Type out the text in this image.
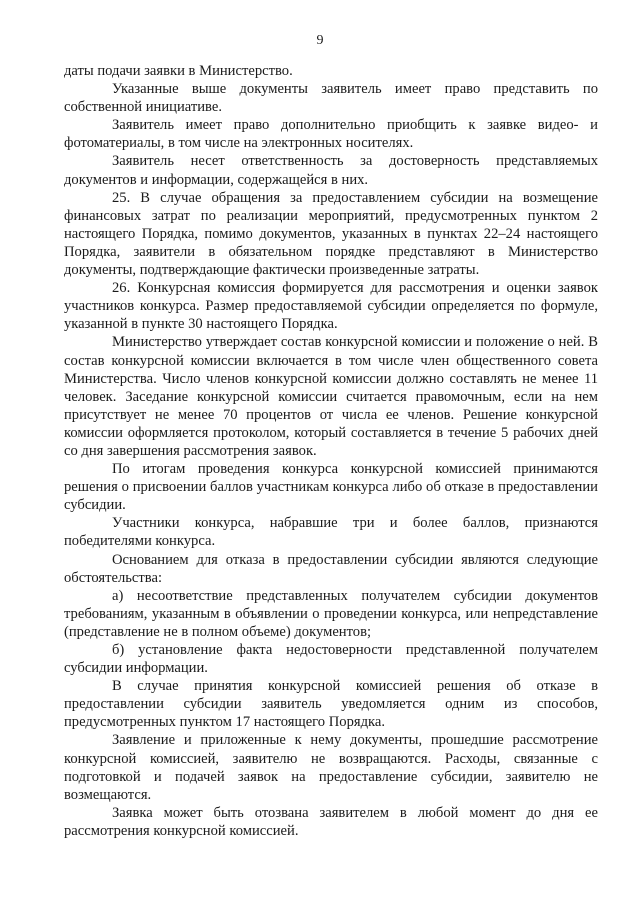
9

даты подачи заявки в Министерство.

Указанные выше документы заявитель имеет право представить по собственной инициативе.

Заявитель имеет право дополнительно приобщить к заявке видео- и фотоматериалы, в том числе на электронных носителях.

Заявитель несет ответственность за достоверность представляемых документов и информации, содержащейся в них.

25. В случае обращения за предоставлением субсидии на возмещение финансовых затрат по реализации мероприятий, предусмотренных пунктом 2 настоящего Порядка, помимо документов, указанных в пунктах 22–24 настоящего Порядка, заявители в обязательном порядке представляют в Министерство документы, подтверждающие фактически произведенные затраты.

26. Конкурсная комиссия формируется для рассмотрения и оценки заявок участников конкурса. Размер предоставляемой субсидии определяется по формуле, указанной в пункте 30 настоящего Порядка.

Министерство утверждает состав конкурсной комиссии и положение о ней. В состав конкурсной комиссии включается в том числе член общественного совета Министерства. Число членов конкурсной комиссии должно составлять не менее 11 человек. Заседание конкурсной комиссии считается правомочным, если на нем присутствует не менее 70 процентов от числа ее членов. Решение конкурсной комиссии оформляется протоколом, который составляется в течение 5 рабочих дней со дня завершения рассмотрения заявок.

По итогам проведения конкурса конкурсной комиссией принимаются решения о присвоении баллов участникам конкурса либо об отказе в предоставлении субсидии.

Участники конкурса, набравшие три и более баллов, признаются победителями конкурса.

Основанием для отказа в предоставлении субсидии являются следующие обстоятельства:

а) несоответствие представленных получателем субсидии документов требованиям, указанным в объявлении о проведении конкурса, или непредставление (представление не в полном объеме) документов;

б) установление факта недостоверности представленной получателем субсидии информации.

В случае принятия конкурсной комиссией решения об отказе в предоставлении субсидии заявитель уведомляется одним из способов, предусмотренных пунктом 17 настоящего Порядка.

Заявление и приложенные к нему документы, прошедшие рассмотрение конкурсной комиссией, заявителю не возвращаются. Расходы, связанные с подготовкой и подачей заявок на предоставление субсидии, заявителю не возмещаются.

Заявка может быть отозвана заявителем в любой момент до дня ее рассмотрения конкурсной комиссией.
